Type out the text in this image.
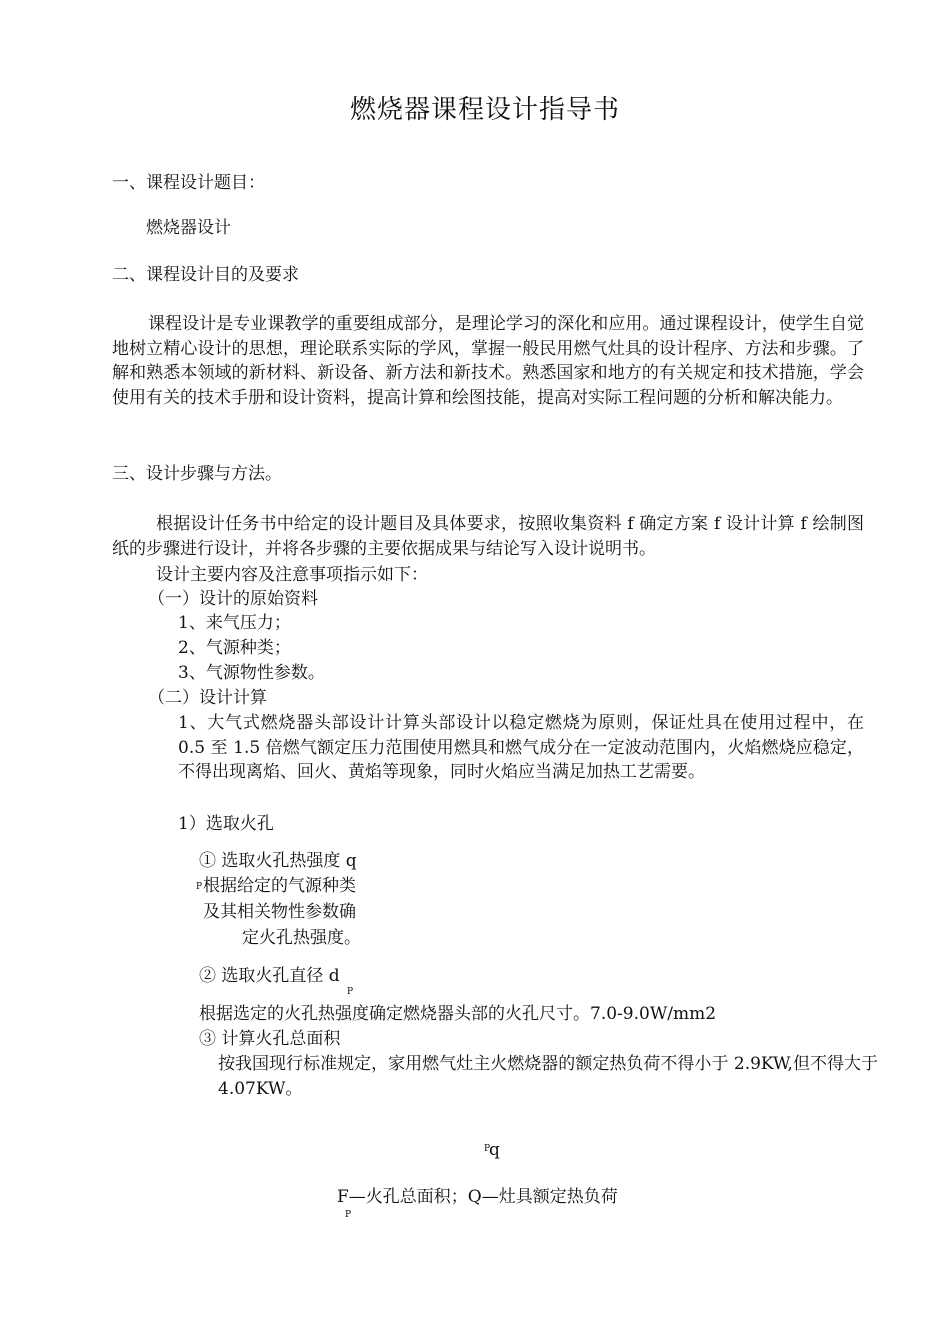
燃烧器课程设计指导书
一、课程设计题目：
燃烧器设计
二、课程设计目的及要求
课程设计是专业课教学的重要组成部分，是理论学习的深化和应用。通过课程设计，使学生自觉地树立精心设计的思想，理论联系实际的学风，掌握一般民用燃气灶具的设计程序、方法和步骤。了解和熟悉本领域的新材料、新设备、新方法和新技术。熟悉国家和地方的有关规定和技术措施，学会使用有关的技术手册和设计资料，提高计算和绘图技能，提高对实际工程问题的分析和解决能力。
三、设计步骤与方法。
根据设计任务书中给定的设计题目及具体要求，按照收集资料 f 确定方案 f 设计计算 f 绘制图纸的步骤进行设计，并将各步骤的主要依据成果与结论写入设计说明书。
设计主要内容及注意事项指示如下：
（一）设计的原始资料
1、来气压力；
2、气源种类；
3、气源物性参数。
（二）设计计算
1、大气式燃烧器头部设计计算头部设计以稳定燃烧为原则，保证灶具在使用过程中，在 0.5 至 1.5 倍燃气额定压力范围使用燃具和燃气成分在一定波动范围内，火焰燃烧应稳定，不得出现离焰、回火、黄焰等现象，同时火焰应当满足加热工艺需要。
1）选取火孔
① 选取火孔热强度 q
P 根据给定的气源种类
及其相关物性参数确
定火孔热强度。
② 选取火孔直径 d
P
根据选定的火孔热强度确定燃烧器头部的火孔尺寸。7.0-9.0W/mm2
③ 计算火孔总面积
按我国现行标准规定，家用燃气灶主火燃烧器的额定热负荷不得小于 2.9KW,但不得大于 4.07KW。
P
q
F—火孔总面积；Q—灶具额定热负荷
P
